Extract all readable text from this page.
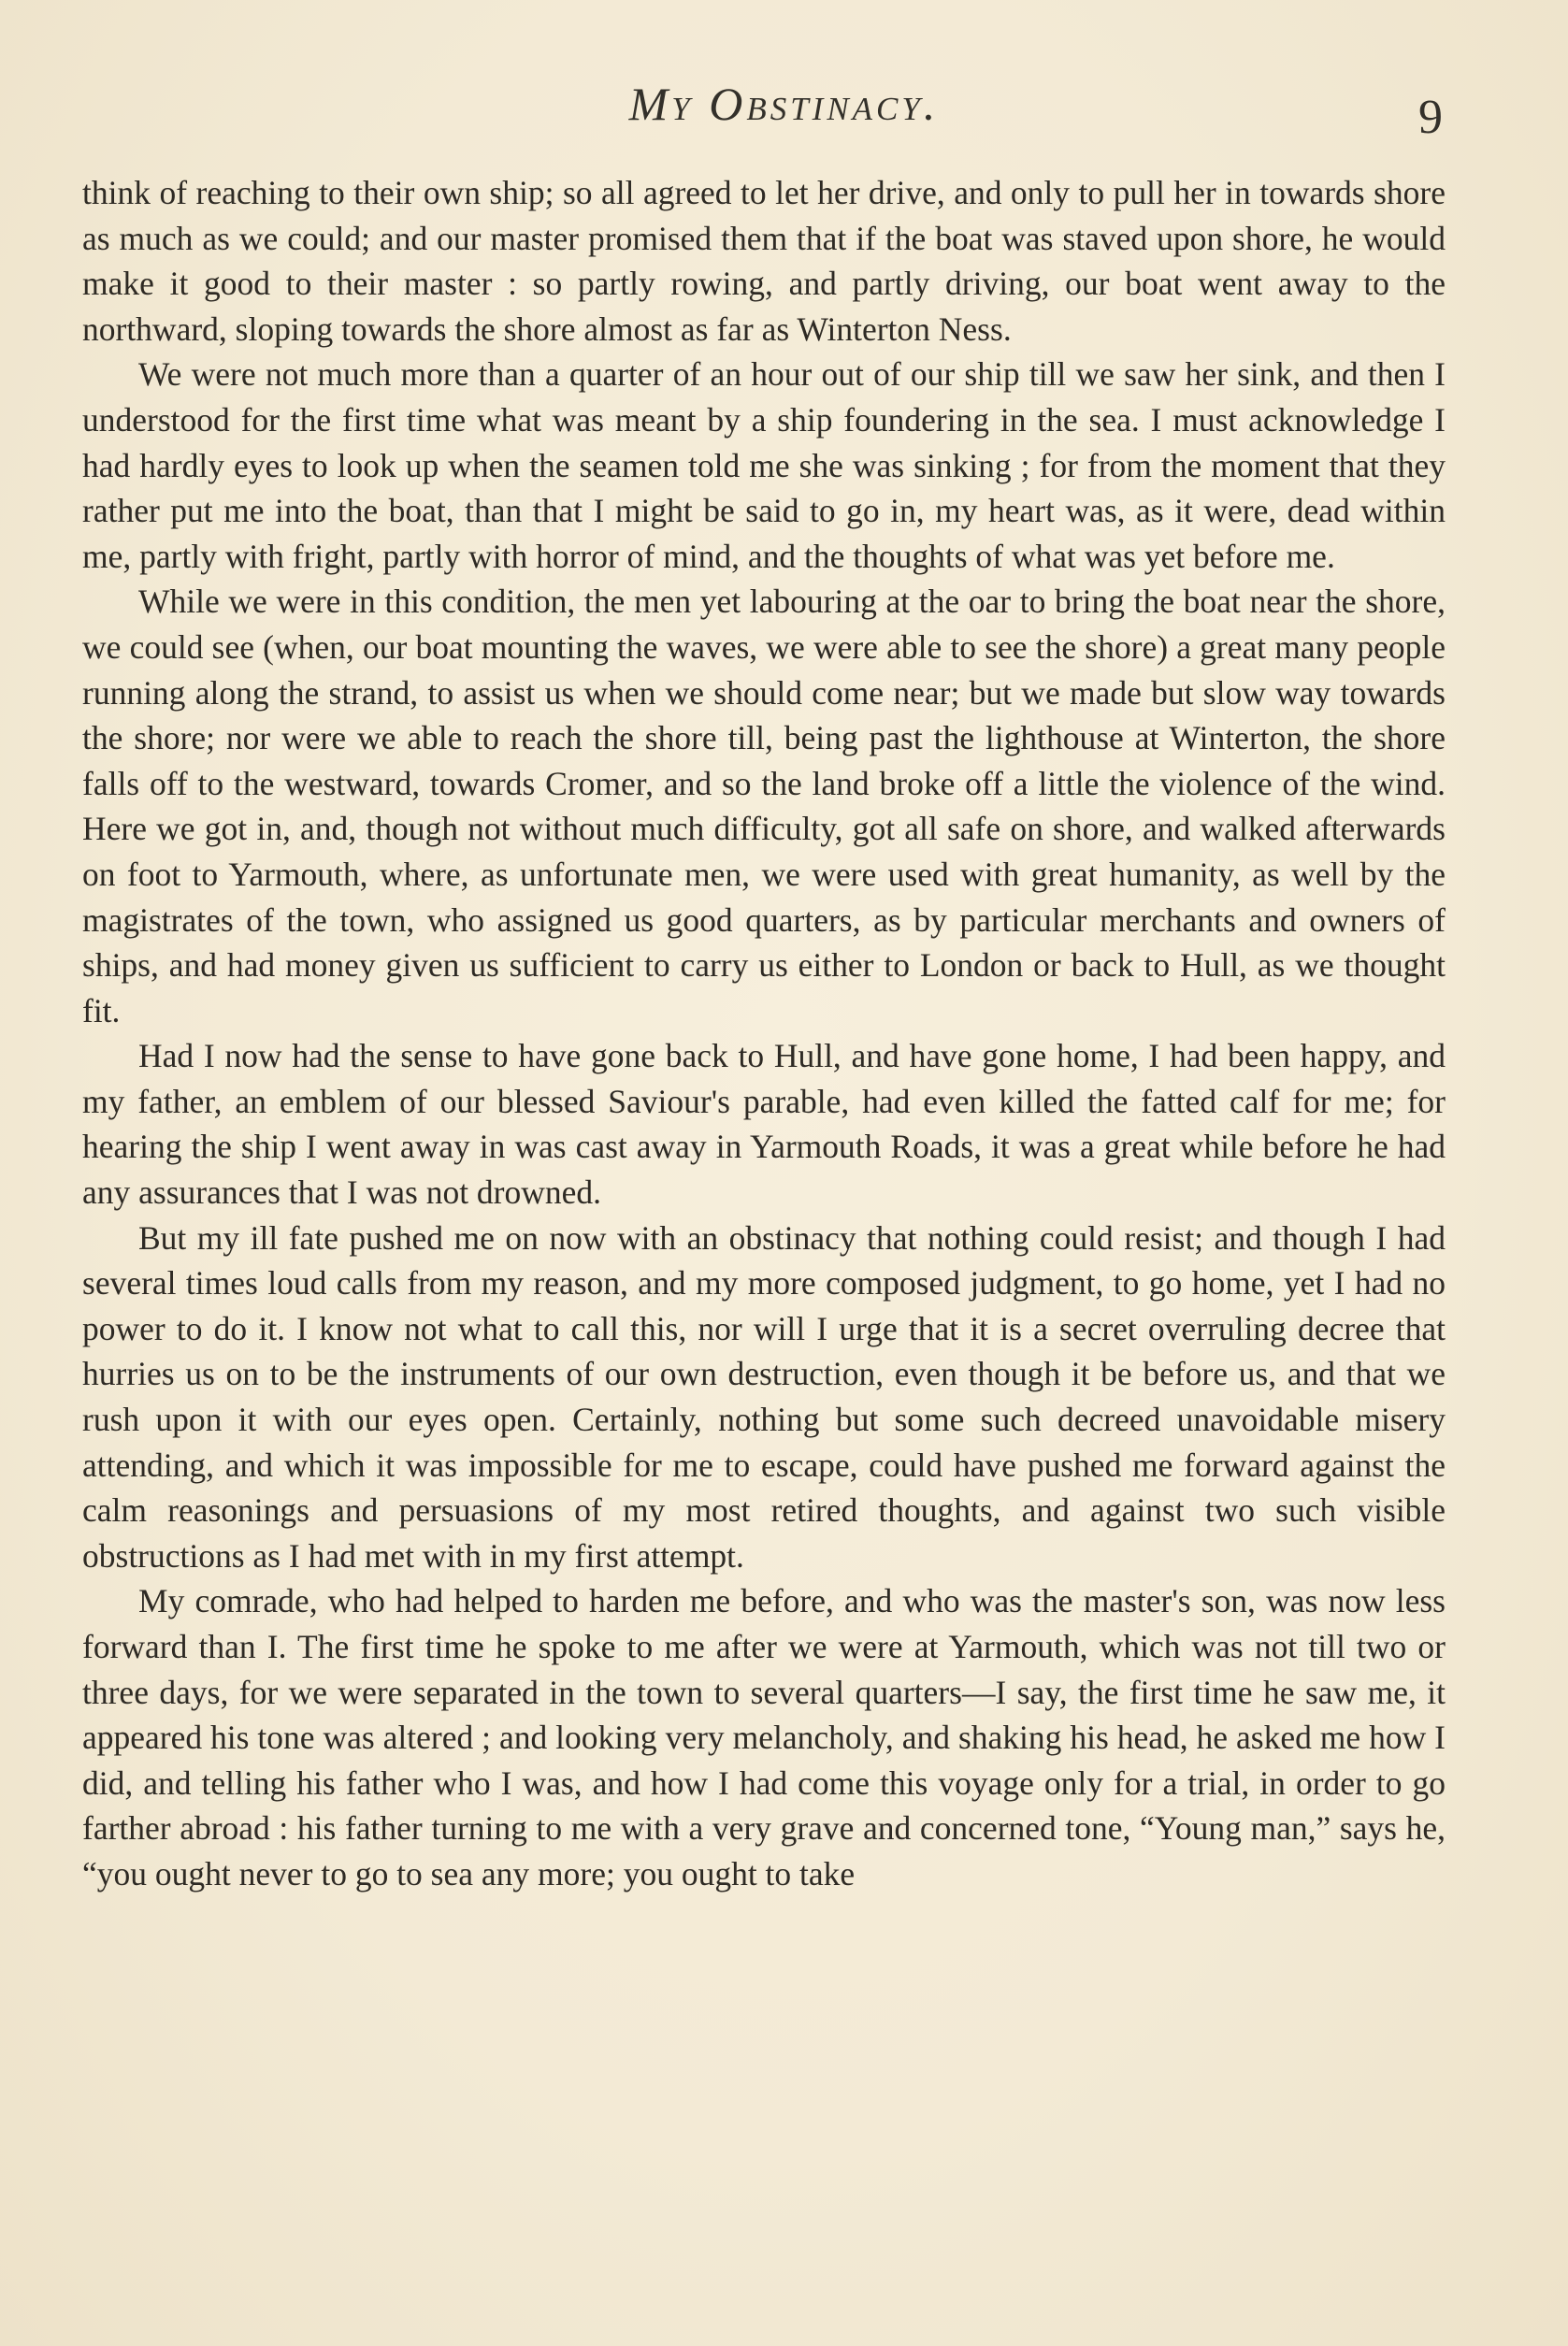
My Obstinacy.	9

think of reaching to their own ship; so all agreed to let her drive, and only to pull her in towards shore as much as we could; and our master promised them that if the boat was staved upon shore, he would make it good to their master : so partly rowing, and partly driving, our boat went away to the northward, sloping towards the shore almost as far as Winterton Ness.

We were not much more than a quarter of an hour out of our ship till we saw her sink, and then I understood for the first time what was meant by a ship foundering in the sea. I must acknowledge I had hardly eyes to look up when the seamen told me she was sinking ; for from the moment that they rather put me into the boat, than that I might be said to go in, my heart was, as it were, dead within me, partly with fright, partly with horror of mind, and the thoughts of what was yet before me.

While we were in this condition, the men yet labouring at the oar to bring the boat near the shore, we could see (when, our boat mounting the waves, we were able to see the shore) a great many people running along the strand, to assist us when we should come near; but we made but slow way towards the shore; nor were we able to reach the shore till, being past the lighthouse at Winterton, the shore falls off to the westward, towards Cromer, and so the land broke off a little the violence of the wind. Here we got in, and, though not without much difficulty, got all safe on shore, and walked afterwards on foot to Yarmouth, where, as unfortunate men, we were used with great humanity, as well by the magistrates of the town, who assigned us good quarters, as by particular merchants and owners of ships, and had money given us sufficient to carry us either to London or back to Hull, as we thought fit.

Had I now had the sense to have gone back to Hull, and have gone home, I had been happy, and my father, an emblem of our blessed Saviour's parable, had even killed the fatted calf for me; for hearing the ship I went away in was cast away in Yarmouth Roads, it was a great while before he had any assurances that I was not drowned.

But my ill fate pushed me on now with an obstinacy that nothing could resist; and though I had several times loud calls from my reason, and my more composed judgment, to go home, yet I had no power to do it. I know not what to call this, nor will I urge that it is a secret overruling decree that hurries us on to be the instruments of our own destruction, even though it be before us, and that we rush upon it with our eyes open. Certainly, nothing but some such decreed unavoidable misery attending, and which it was impossible for me to escape, could have pushed me forward against the calm reasonings and persuasions of my most retired thoughts, and against two such visible obstructions as I had met with in my first attempt.

My comrade, who had helped to harden me before, and who was the master's son, was now less forward than I. The first time he spoke to me after we were at Yarmouth, which was not till two or three days, for we were separated in the town to several quarters—I say, the first time he saw me, it appeared his tone was altered ; and looking very melancholy, and shaking his head, he asked me how I did, and telling his father who I was, and how I had come this voyage only for a trial, in order to go farther abroad : his father turning to me with a very grave and concerned tone, “Young man,” says he, “you ought never to go to sea any more; you ought to take
